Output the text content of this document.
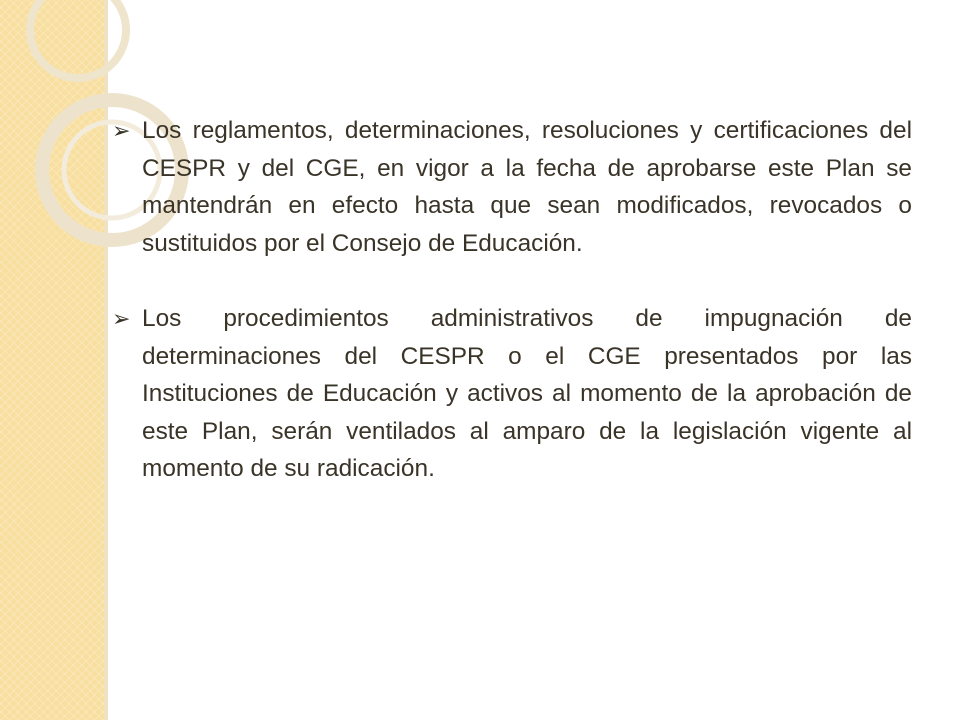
➢ Los reglamentos, determinaciones, resoluciones y certificaciones del CESPR y del CGE, en vigor a la fecha de aprobarse este Plan se mantendrán en efecto hasta que sean modificados, revocados o sustituidos por el Consejo de Educación.
➢ Los procedimientos administrativos de impugnación de determinaciones del CESPR o el CGE presentados por las Instituciones de Educación y activos al momento de la aprobación de este Plan, serán ventilados al amparo de la legislación vigente al momento de su radicación.
